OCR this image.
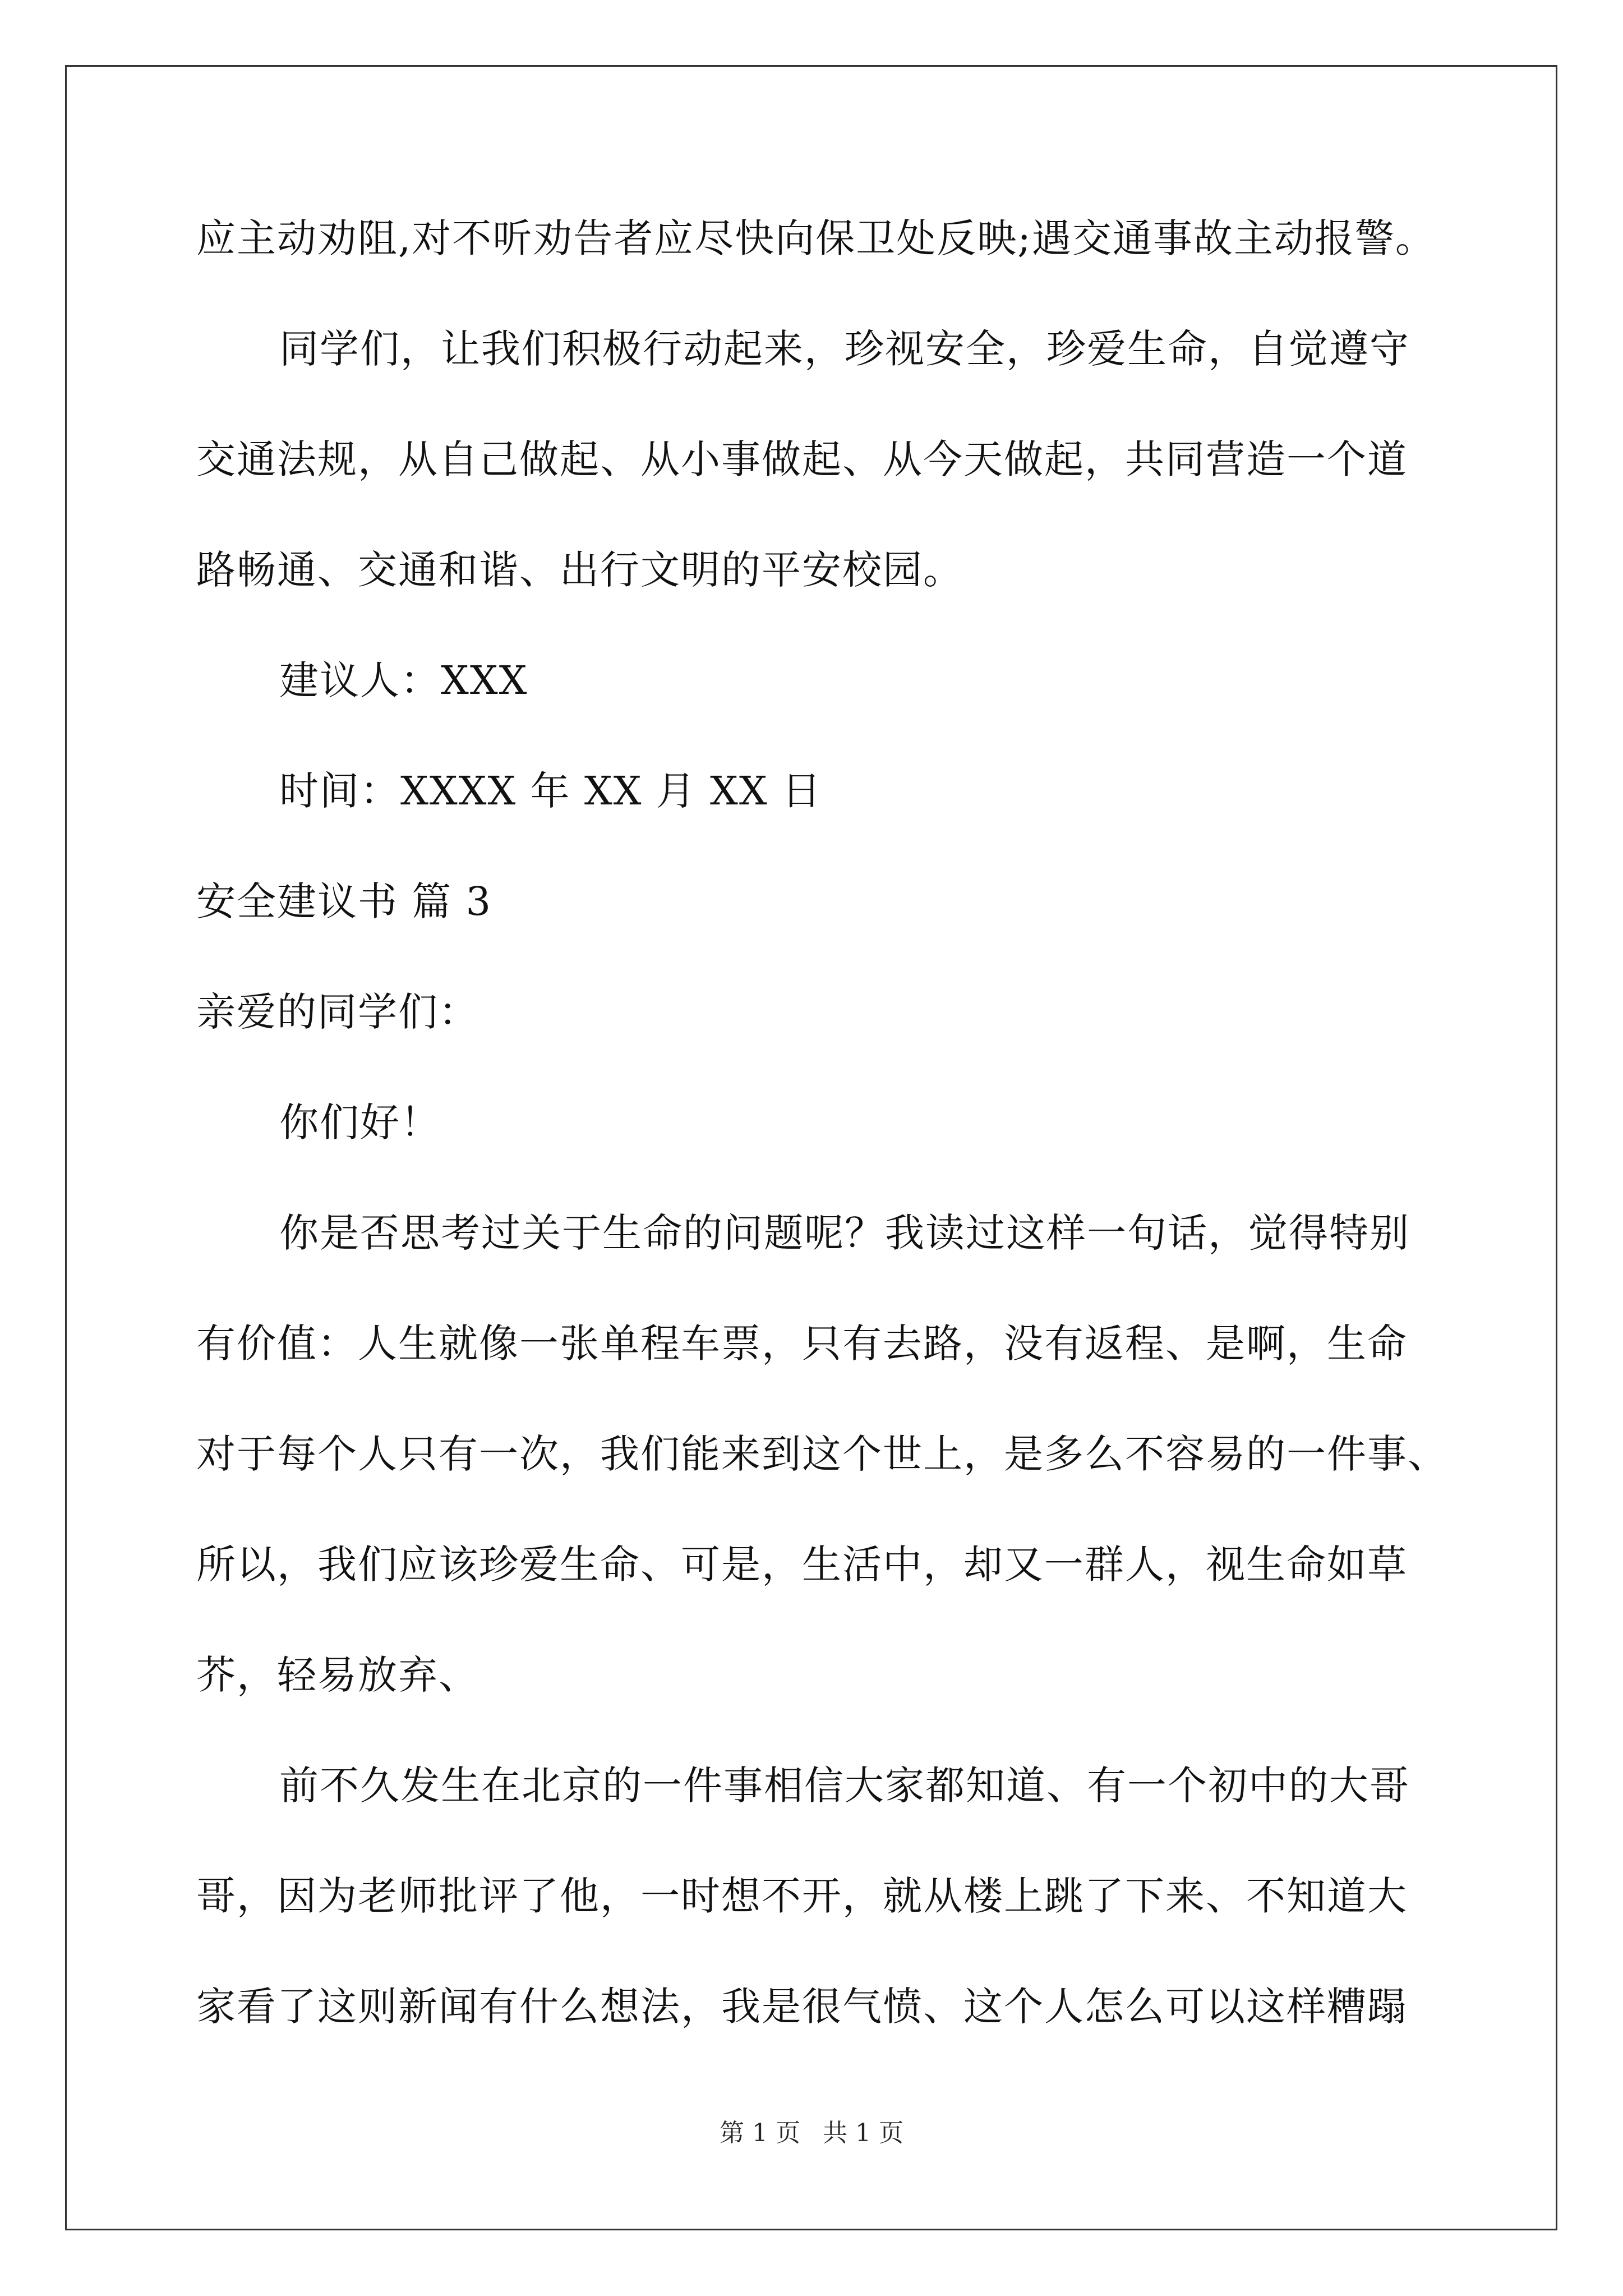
应主动劝阻,对不听劝告者应尽快向保卫处反映;遇交通事故主动报警。
同学们，让我们积极行动起来，珍视安全，珍爱生命，自觉遵守
交通法规，从自己做起、从小事做起、从今天做起，共同营造一个道
路畅通、交通和谐、出行文明的平安校园。
建议人：XXX
时间：XXXX 年 XX 月 XX 日
安全建议书 篇 3
亲爱的同学们：
你们好！
你是否思考过关于生命的问题呢？我读过这样一句话，觉得特别
有价值：人生就像一张单程车票，只有去路，没有返程、是啊，生命
对于每个人只有一次，我们能来到这个世上，是多么不容易的一件事、
所以，我们应该珍爱生命、可是，生活中，却又一群人，视生命如草
芥，轻易放弃、
前不久发生在北京的一件事相信大家都知道、有一个初中的大哥
哥，因为老师批评了他，一时想不开，就从楼上跳了下来、不知道大
家看了这则新闻有什么想法，我是很气愤、这个人怎么可以这样糟蹋
第 1 页 共 1 页
